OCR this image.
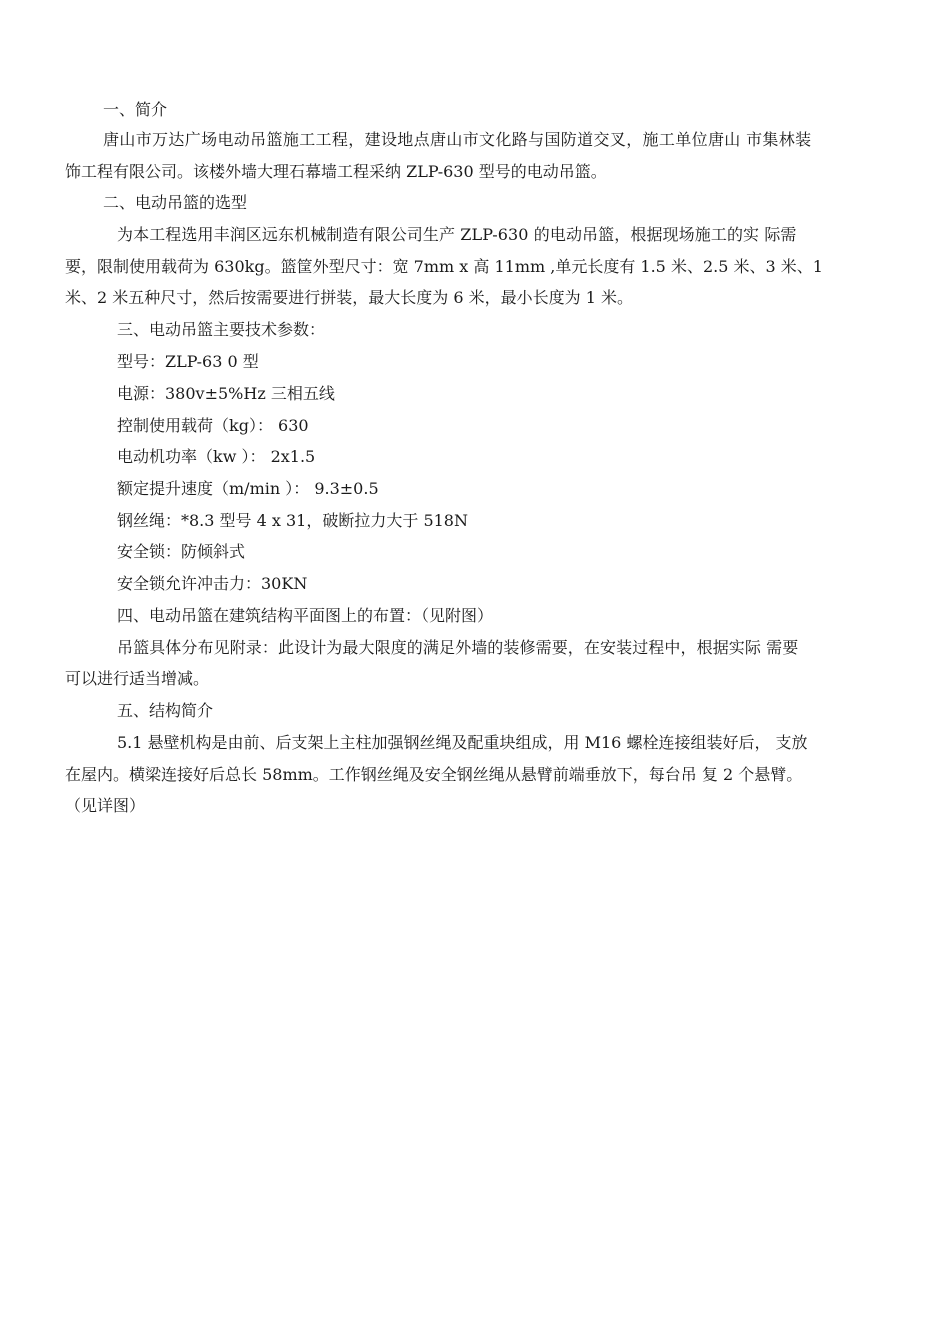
一、简介
唐山市万达广场电动吊篮施工工程，建设地点唐山市文化路与国防道交叉，施工单位唐山 市集林装
饰工程有限公司。该楼外墙大理石幕墙工程采纳 ZLP-630 型号的电动吊篮。
二、电动吊篮的选型
为本工程选用丰润区远东机械制造有限公司生产 ZLP-630 的电动吊篮，根据现场施工的实 际需
要，限制使用载荷为 630kg。篮筐外型尺寸：宽 7mm x 高 11mm ,单元长度有 1.5 米、2.5 米、3 米、1
米、2 米五种尺寸，然后按需要进行拼装，最大长度为 6 米，最小长度为 1 米。
三、电动吊篮主要技术参数：
型号：ZLP-63 0 型
电源：380v±5%Hz 三相五线
控制使用载荷（kg）： 630
电动机功率（kw ）： 2x1.5
额定提升速度（m/min ）： 9.3±0.5
钢丝绳：*8.3 型号 4 x 31，破断拉力大于 518N
安全锁：防倾斜式
安全锁允许冲击力：30KN
四、电动吊篮在建筑结构平面图上的布置：（见附图）
吊篮具体分布见附录：此设计为最大限度的满足外墙的装修需要，在安装过程中，根据实际 需要
可以进行适当增减。
五、结构简介
5.1 悬壁机构是由前、后支架上主柱加强钢丝绳及配重块组成，用 M16 螺栓连接组装好后， 支放
在屋内。横梁连接好后总长 58mm。工作钢丝绳及安全钢丝绳从悬臂前端垂放下，每台吊 复 2 个悬臂。
（见详图）
